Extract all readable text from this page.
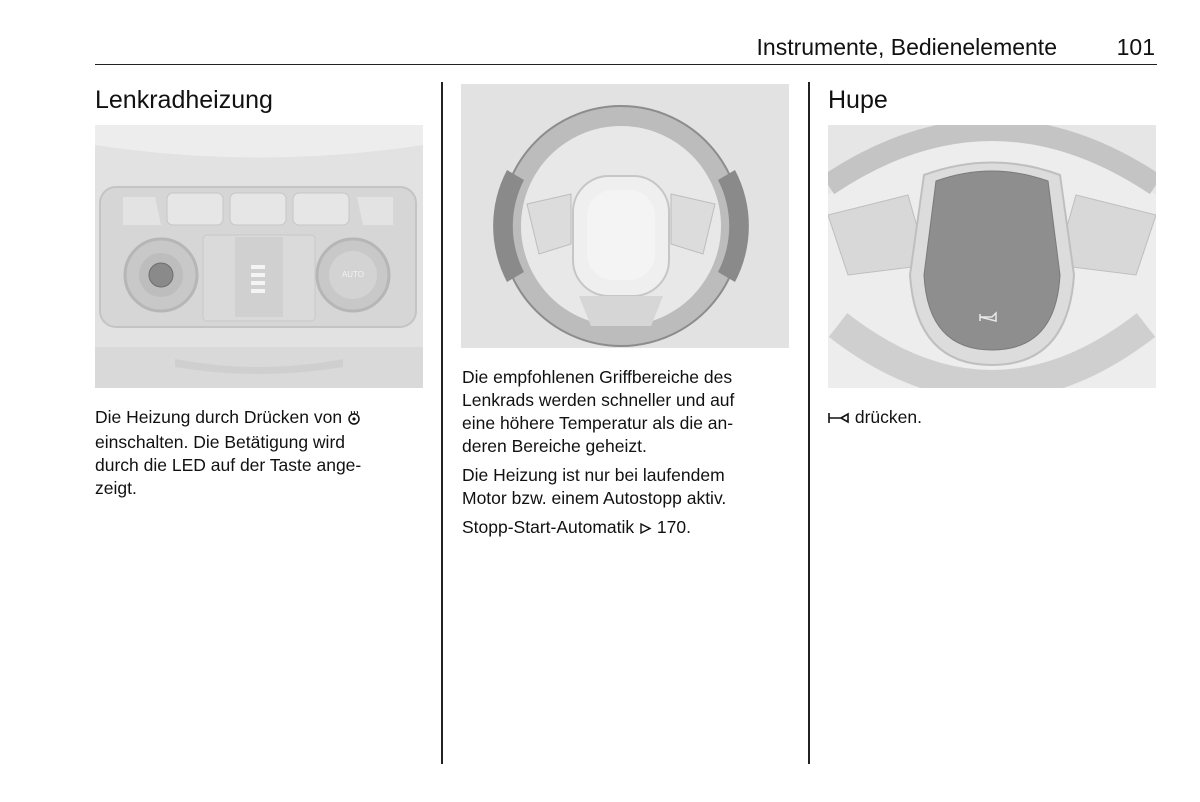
Instrumente, Bedienelemente	101
Lenkradheizung
AUTO
Die Heizung durch Drücken von
einschalten. Die Betätigung wird
durch die LED auf der Taste ange-
zeigt.

Die empfohlenen Griffbereiche des
Lenkrads werden schneller und auf
eine höhere Temperatur als die an-
deren Bereiche geheizt.

Die Heizung ist nur bei laufendem
Motor bzw. einem Autostopp aktiv.

Stopp-Start-Automatik 170.

Hupe
drücken.
